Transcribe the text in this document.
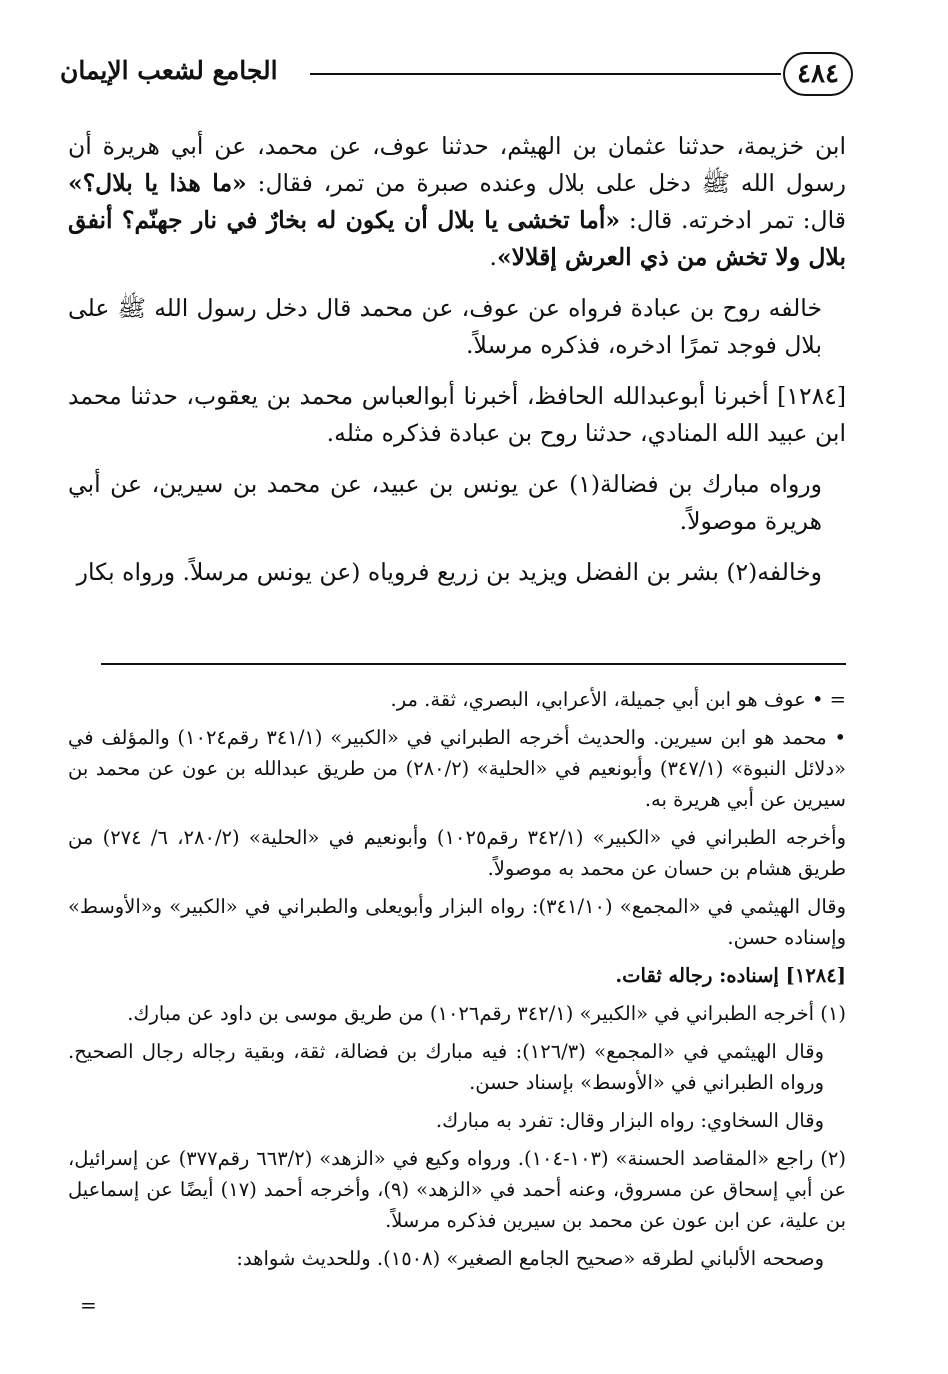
٤٨٤
الجامع لشعب الإيمان

ابن خزيمة، حدثنا عثمان بن الهيثم، حدثنا عوف، عن محمد، عن أبي هريرة أن رسول الله ﷺ دخل على بلال وعنده صبرة من تمر، فقال: «ما هذا يا بلال؟» قال: تمر ادخرته. قال: «أما تخشى يا بلال أن يكون له بخارٌ في نار جهنّم؟ أنفق بلال ولا تخش من ذي العرش إقلالا».

خالفه روح بن عبادة فرواه عن عوف، عن محمد قال دخل رسول الله ﷺ على بلال فوجد تمرًا ادخره، فذكره مرسلاً.

[١٢٨٤] أخبرنا أبوعبدالله الحافظ، أخبرنا أبوالعباس محمد بن يعقوب، حدثنا محمد ابن عبيد الله المنادي، حدثنا روح بن عبادة فذكره مثله.

ورواه مبارك بن فضالة(١) عن يونس بن عبيد، عن محمد بن سيرين، عن أبي هريرة موصولاً.

وخالفه(٢) بشر بن الفضل ويزيد بن زريع فروياه (عن يونس مرسلاً. ورواه بكار

= • عوف هو ابن أبي جميلة، الأعرابي، البصري، ثقة. مر.

• محمد هو ابن سيرين. والحديث أخرجه الطبراني في «الكبير» (٣٤١/١ رقم١٠٢٤) والمؤلف في «دلائل النبوة» (٣٤٧/١) وأبونعيم في «الحلية» (٢٨٠/٢) من طريق عبدالله بن عون عن محمد بن سيرين عن أبي هريرة به.

وأخرجه الطبراني في «الكبير» (٣٤٢/١ رقم١٠٢٥) وأبونعيم في «الحلية» (٢٨٠/٢، ٦/ ٢٧٤) من طريق هشام بن حسان عن محمد به موصولاً.

وقال الهيثمي في «المجمع» (٣٤١/١٠): رواه البزار وأبويعلى والطبراني في «الكبير» و«الأوسط» وإسناده حسن.

[١٢٨٤] إسناده: رجاله ثقات.

(١) أخرجه الطبراني في «الكبير» (٣٤٢/١ رقم١٠٢٦) من طريق موسى بن داود عن مبارك.

وقال الهيثمي في «المجمع» (١٢٦/٣): فيه مبارك بن فضالة، ثقة، وبقية رجاله رجال الصحيح. ورواه الطبراني في «الأوسط» بإسناد حسن.

وقال السخاوي: رواه البزار وقال: تفرد به مبارك.

(٢) راجع «المقاصد الحسنة» (١٠٣-١٠٤). ورواه وكيع في «الزهد» (٦٦٣/٢ رقم٣٧٧) عن إسرائيل، عن أبي إسحاق عن مسروق، وعنه أحمد في «الزهد» (٩)، وأخرجه أحمد (١٧) أيضًا عن إسماعيل بن علية، عن ابن عون عن محمد بن سيرين فذكره مرسلاً.

وصححه الألباني لطرقه «صحيح الجامع الصغير» (١٥٠٨). وللحديث شواهد:

=
